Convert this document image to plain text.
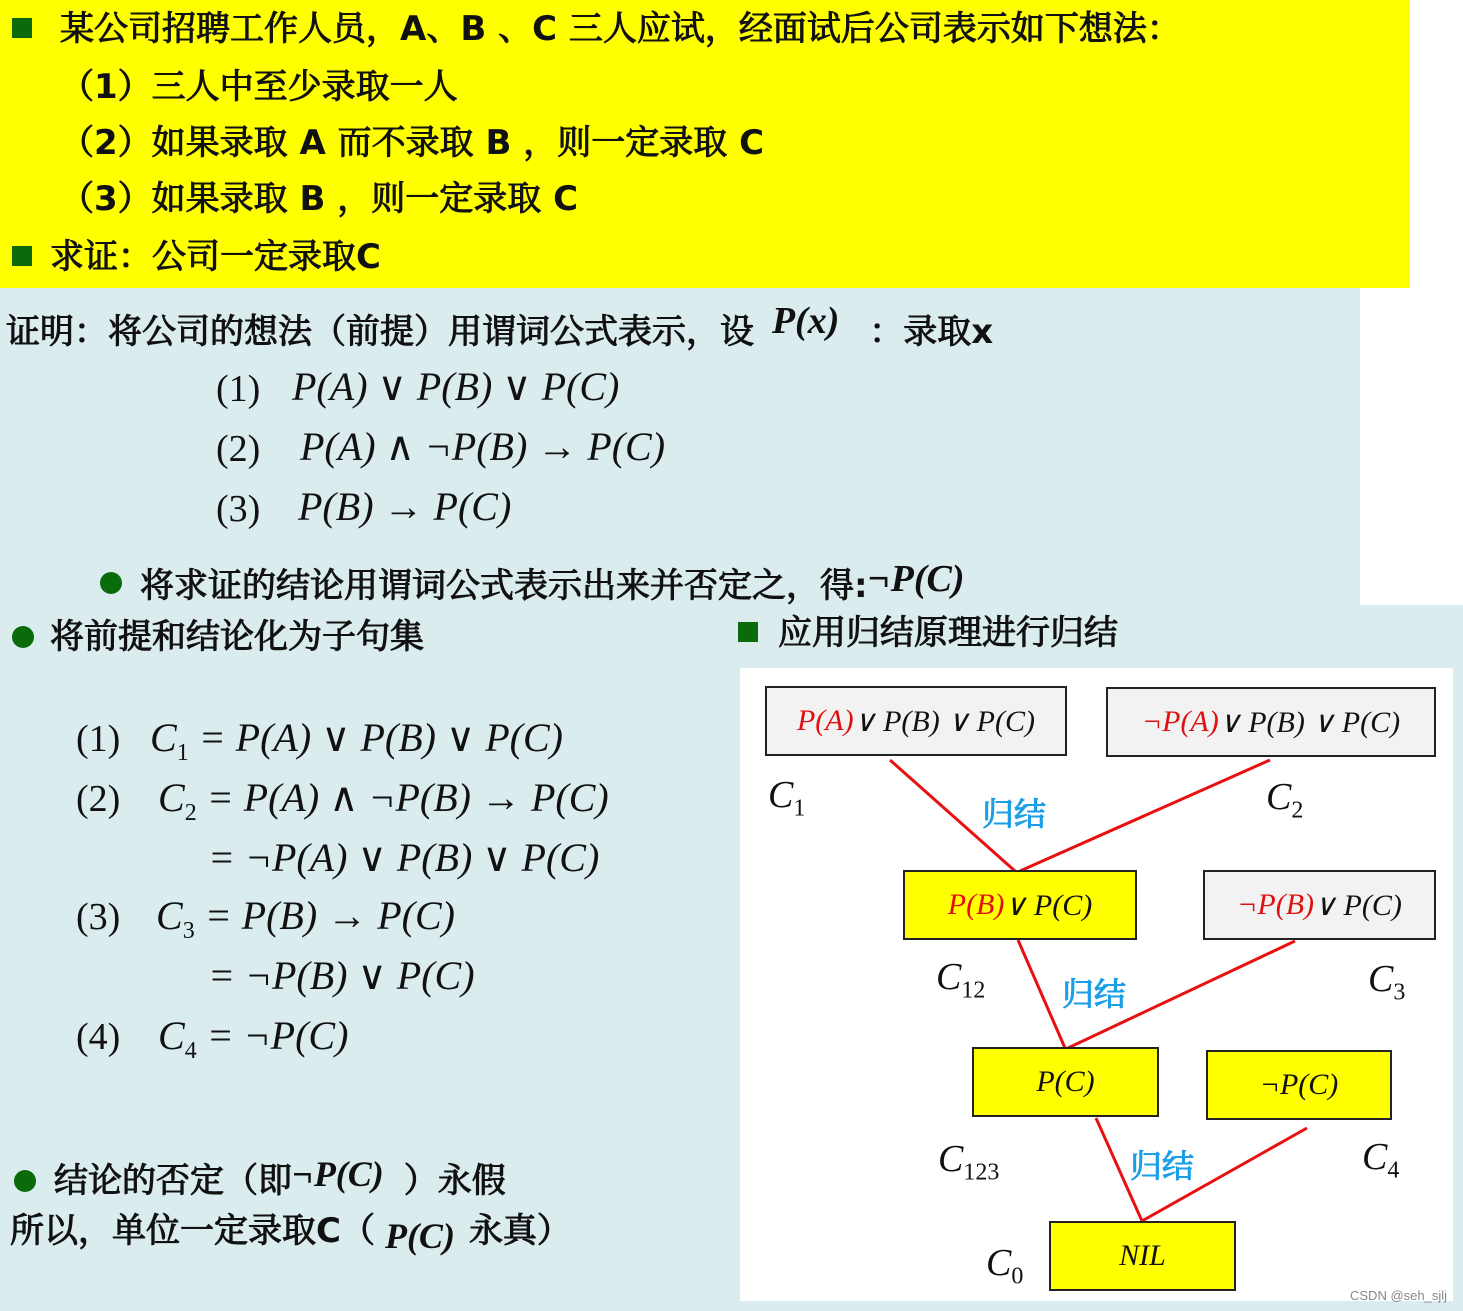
某公司招聘工作人员，A、B 、C 三人应试，经面试后公司表示如下想法：
（1）三人中至少录取一人
（2）如果录取 A 而不录取 B ，则一定录取 C
（3）如果录取 B ，则一定录取 C
求证：公司一定录取C
证明：将公司的想法（前提）用谓词公式表示，设 P(x) ：录取x
(1) P(A) ∨ P(B) ∨ P(C)
(2) P(A) ∧ ¬P(B) → P(C)
(3) P(B) → P(C)
将求证的结论用谓词公式表示出来并否定之，得:¬P(C)
将前提和结论化为子句集
(1) $C_1 = P(A)$ ∨ P(B) ∨ P(C)
(2) $C_2 = P(A)$ ∧ ¬P(B) → P(C)
= ¬P(A) ∨ P(B) ∨ P(C)
(3) $C_3 = P(B) \to P(C)$
= ¬P(B) ∨ P(C)
(4) $C_4$ = ¬P(C)
结论的否定（即¬P(C) ）永假
所以，单位一定录取C（ P(C) 永真）
应用归结原理进行归结
P(A) ∨ P(B) ∨ P(C)	¬P(A) ∨ P(B) ∨ P(C)
P(B) ∨ P(C)	¬P(B) ∨ P(C)
P(C)	¬P(C)
NIL
$C_1$	$C_2$
$C_{12}$	$C_3$
$C_{123}$	$C_4$
$C_0$
归结
归结
归结
CSDN @seh_sjlj
